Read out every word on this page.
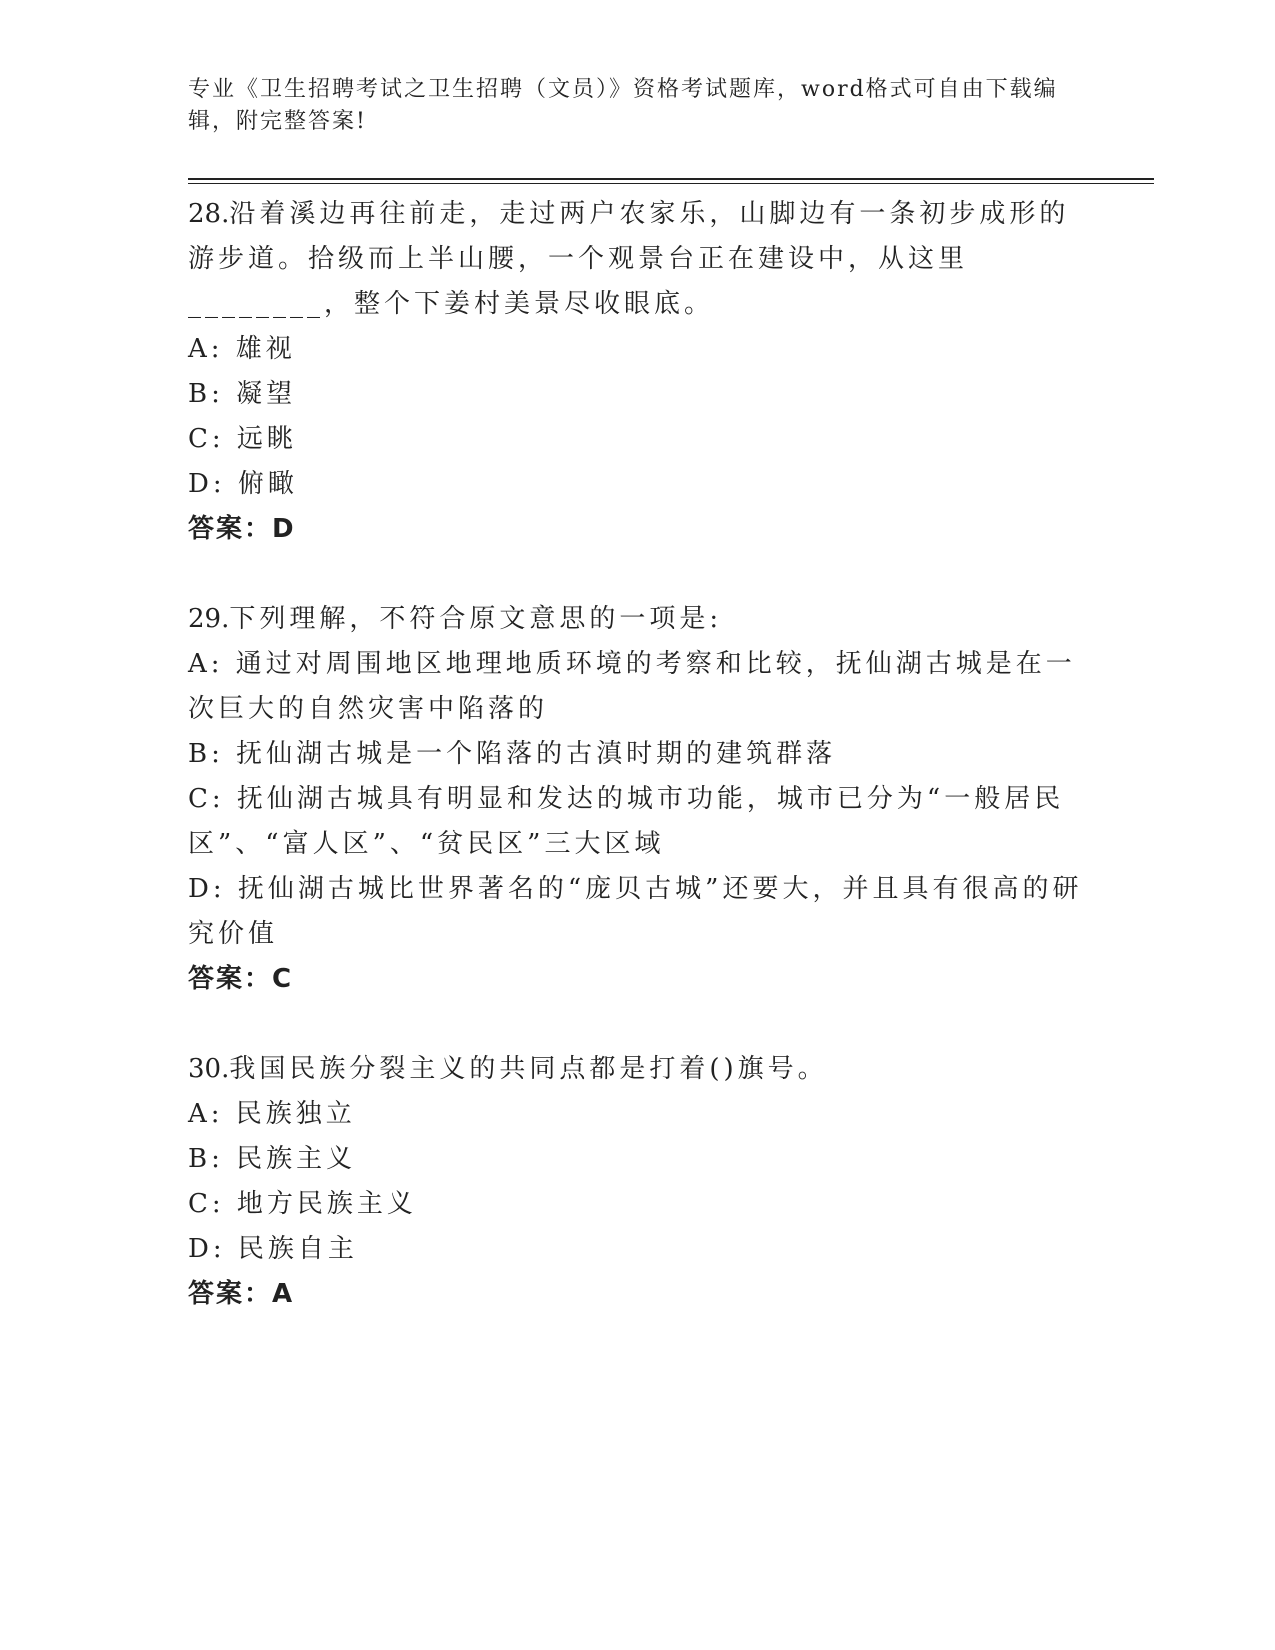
专业《卫生招聘考试之卫生招聘（文员）》资格考试题库，word格式可自由下载编辑，附完整答案!

28.沿着溪边再往前走，走过两户农家乐，山脚边有一条初步成形的游步道。拾级而上半山腰，一个观景台正在建设中，从这里________，整个下姜村美景尽收眼底。

A: 雄视

B: 凝望

C: 远眺

D: 俯瞰

答案：D

29.下列理解，不符合原文意思的一项是:

A: 通过对周围地区地理地质环境的考察和比较，抚仙湖古城是在一次巨大的自然灾害中陷落的

B: 抚仙湖古城是一个陷落的古滇时期的建筑群落

C: 抚仙湖古城具有明显和发达的城市功能，城市已分为“一般居民区”、“富人区”、“贫民区”三大区域

D: 抚仙湖古城比世界著名的“庞贝古城”还要大，并且具有很高的研究价值

答案：C

30.我国民族分裂主义的共同点都是打着()旗号。

A: 民族独立

B: 民族主义

C: 地方民族主义

D: 民族自主

答案：A
